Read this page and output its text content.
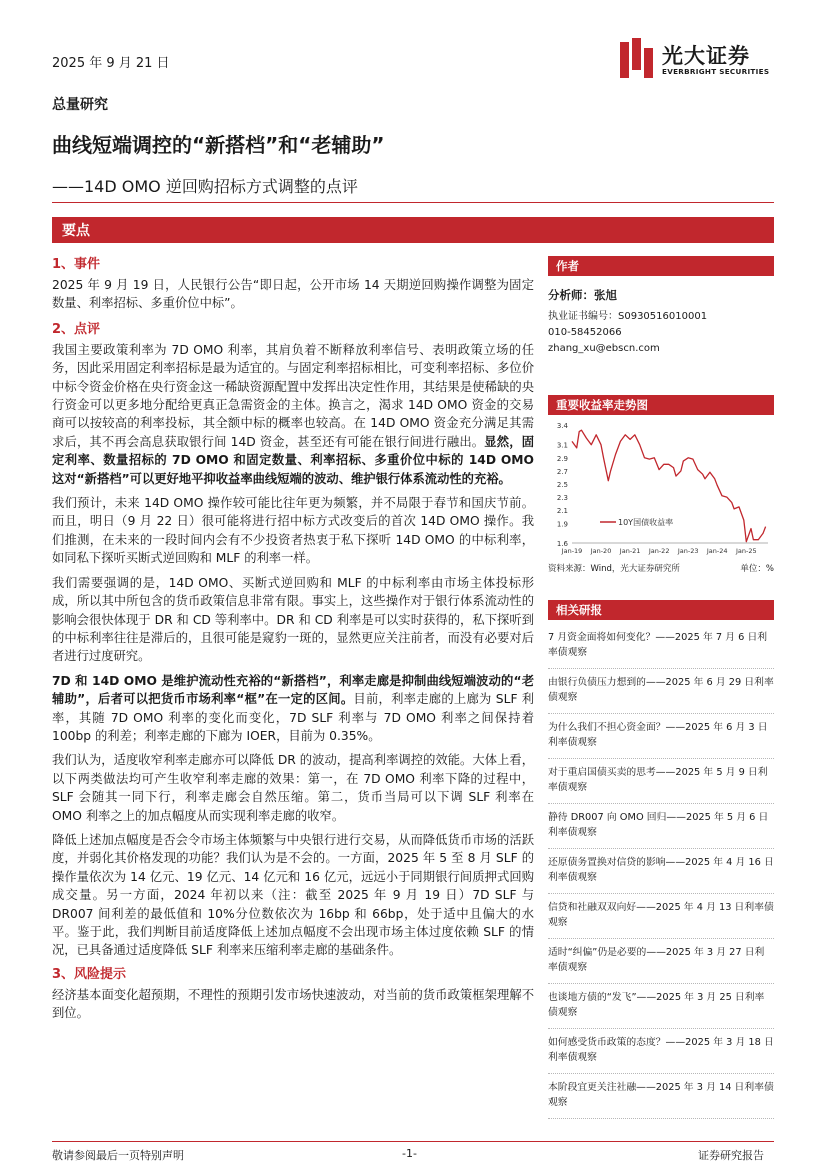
2025 年 9 月 21 日	光大证券
EVERBRIGHT SECURITIES
总量研究
曲线短端调控的“新搭档”和“老辅助”
——14D OMO 逆回购招标方式调整的点评
要点
1、事件

2025 年 9 月 19 日，人民银行公告“即日起，公开市场 14 天期逆回购操作调整为固定数量、利率招标、多重价位中标”。

2、点评

我国主要政策利率为 7D OMO 利率，其肩负着不断释放利率信号、表明政策立场的任务，因此采用固定利率招标是最为适宜的。与固定利率招标相比，可变利率招标、多位价中标令资金价格在央行资金这一稀缺资源配置中发挥出决定性作用，其结果是使稀缺的央行资金可以更多地分配给更真正急需资金的主体。换言之，渴求 14D OMO 资金的交易商可以按较高的利率投标，其全额中标的概率也较高。在 14D OMO 资金充分满足其需求后，其不再会高息获取银行间 14D 资金，甚至还有可能在银行间进行融出。显然，固定利率、数量招标的 7D OMO 和固定数量、利率招标、多重价位中标的 14D OMO 这对“新搭档”可以更好地平抑收益率曲线短端的波动、维护银行体系流动性的充裕。

我们预计，未来 14D OMO 操作较可能比往年更为频繁，并不局限于春节和国庆节前。而且，明日（9 月 22 日）很可能将进行招中标方式改变后的首次 14D OMO 操作。我们推测，在未来的一段时间内会有不少投资者热衷于私下探听 14D OMO 的中标利率，如同私下探听买断式逆回购和 MLF 的利率一样。

我们需要强调的是，14D OMO、买断式逆回购和 MLF 的中标利率由市场主体投标形成，所以其中所包含的货币政策信息非常有限。事实上，这些操作对于银行体系流动性的影响会很快体现于 DR 和 CD 等利率中。DR 和 CD 利率是可以实时获得的，私下探听到的中标利率往往是滞后的，且很可能是窥豹一斑的，显然更应关注前者，而没有必要对后者进行过度研究。

7D 和 14D OMO 是维护流动性充裕的“新搭档”，利率走廊是抑制曲线短端波动的“老辅助”，后者可以把货币市场利率“框”在一定的区间。目前，利率走廊的上廊为 SLF 利率，其随 7D OMO 利率的变化而变化，7D SLF 利率与 7D OMO 利率之间保持着 100bp 的利差；利率走廊的下廊为 IOER，目前为 0.35%。

我们认为，适度收窄利率走廊亦可以降低 DR 的波动，提高利率调控的效能。大体上看，以下两类做法均可产生收窄利率走廊的效果：第一，在 7D OMO 利率下降的过程中，SLF 会随其一同下行，利率走廊会自然压缩。第二，货币当局可以下调 SLF 利率在 OMO 利率之上的加点幅度从而实现利率走廊的收窄。

降低上述加点幅度是否会令市场主体频繁与中央银行进行交易，从而降低货币市场的活跃度，并弱化其价格发现的功能？我们认为是不会的。一方面，2025 年 5 至 8 月 SLF 的操作量依次为 14 亿元、19 亿元、14 亿元和 16 亿元，远远小于同期银行间质押式回购成交量。另一方面，2024 年初以来（注：截至 2025 年 9 月 19 日）7D SLF 与 DR007 间利差的最低值和 10%分位数依次为 16bp 和 66bp，处于适中且偏大的水平。鉴于此，我们判断目前适度降低上述加点幅度不会出现市场主体过度依赖 SLF 的情况，已具备通过适度降低 SLF 利率来压缩利率走廊的基础条件。

3、风险提示

经济基本面变化超预期，不理性的预期引发市场快速波动，对当前的货币政策框架理解不到位。

作者
分析师：张旭
执业证书编号：S0930516010001
010-58452066
zhang_xu@ebscn.com
重要收益率走势图
1.6
1.9
2.1
2.3
2.5
2.7
2.9
3.1
3.4
Jan-19 Jan-20 Jan-21 Jan-22 Jan-23 Jan-24 Jan-25
10Y国债收益率
资料来源：Wind，光大证券研究所	单位：%
相关研报
7 月资金面将如何变化？——2025 年 7 月 6 日利率债观察
由银行负债压力想到的——2025 年 6 月 29 日利率债观察
为什么我们不担心资金面？——2025 年 6 月 3 日利率债观察
对于重启国债买卖的思考——2025 年 5 月 9 日利率债观察
静待 DR007 向 OMO 回归——2025 年 5 月 6 日利率债观察
还原债务置换对信贷的影响——2025 年 4 月 16 日利率债观察
信贷和社融双双向好——2025 年 4 月 13 日利率债观察
适时“纠偏”仍是必要的——2025 年 3 月 27 日利率债观察
也谈地方债的“发飞”——2025 年 3 月 25 日利率债观察
如何感受货币政策的态度？——2025 年 3 月 18 日利率债观察
本阶段宜更关注社融——2025 年 3 月 14 日利率债观察
敬请参阅最后一页特别声明	-1-	证券研究报告
